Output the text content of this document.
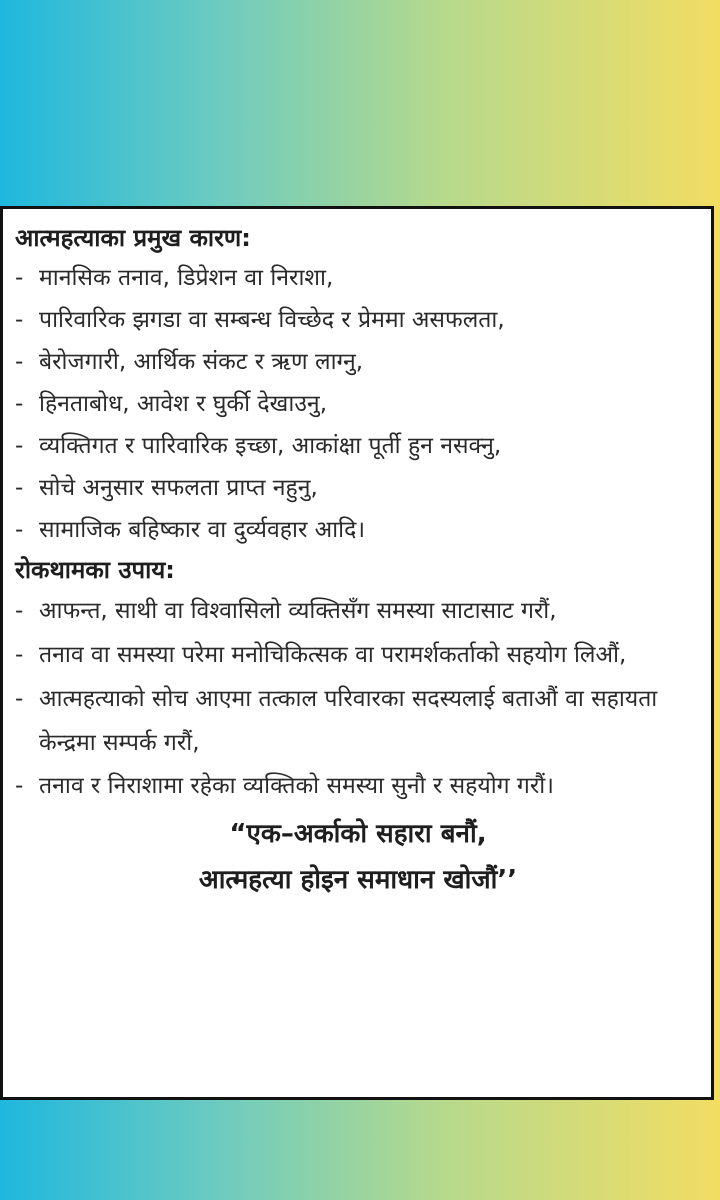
आत्महत्याका प्रमुख कारण:
- मानसिक तनाव, डिप्रेशन वा निराशा,
- पारिवारिक झगडा वा सम्बन्ध विच्छेद र प्रेममा असफलता,
- बेरोजगारी, आर्थिक संकट र ऋण लाग्नु,
- हिनताबोध, आवेश र घुर्की देखाउनु,
- व्यक्तिगत र पारिवारिक इच्छा, आकांक्षा पूर्ती हुन नसक्नु,
- सोचे अनुसार सफलता प्राप्त नहुनु,
- सामाजिक बहिष्कार वा दुर्व्यवहार आदि।
रोकथामका उपाय:
- आफन्त, साथी वा विश्वासिलो व्यक्तिसँग समस्या साटासाट गरौं,
- तनाव वा समस्या परेमा मनोचिकित्सक वा परामर्शकर्ताको सहयोग लिऔं,
- आत्महत्याको सोच आएमा तत्काल परिवारका सदस्यलाई बताऔं वा सहायता केन्द्रमा सम्पर्क गरौं,
- तनाव र निराशामा रहेका व्यक्तिको समस्या सुनौ र सहयोग गरौं।
“एक–अर्काको सहारा बनौं,
आत्महत्या होइन समाधान खोजौं’’
